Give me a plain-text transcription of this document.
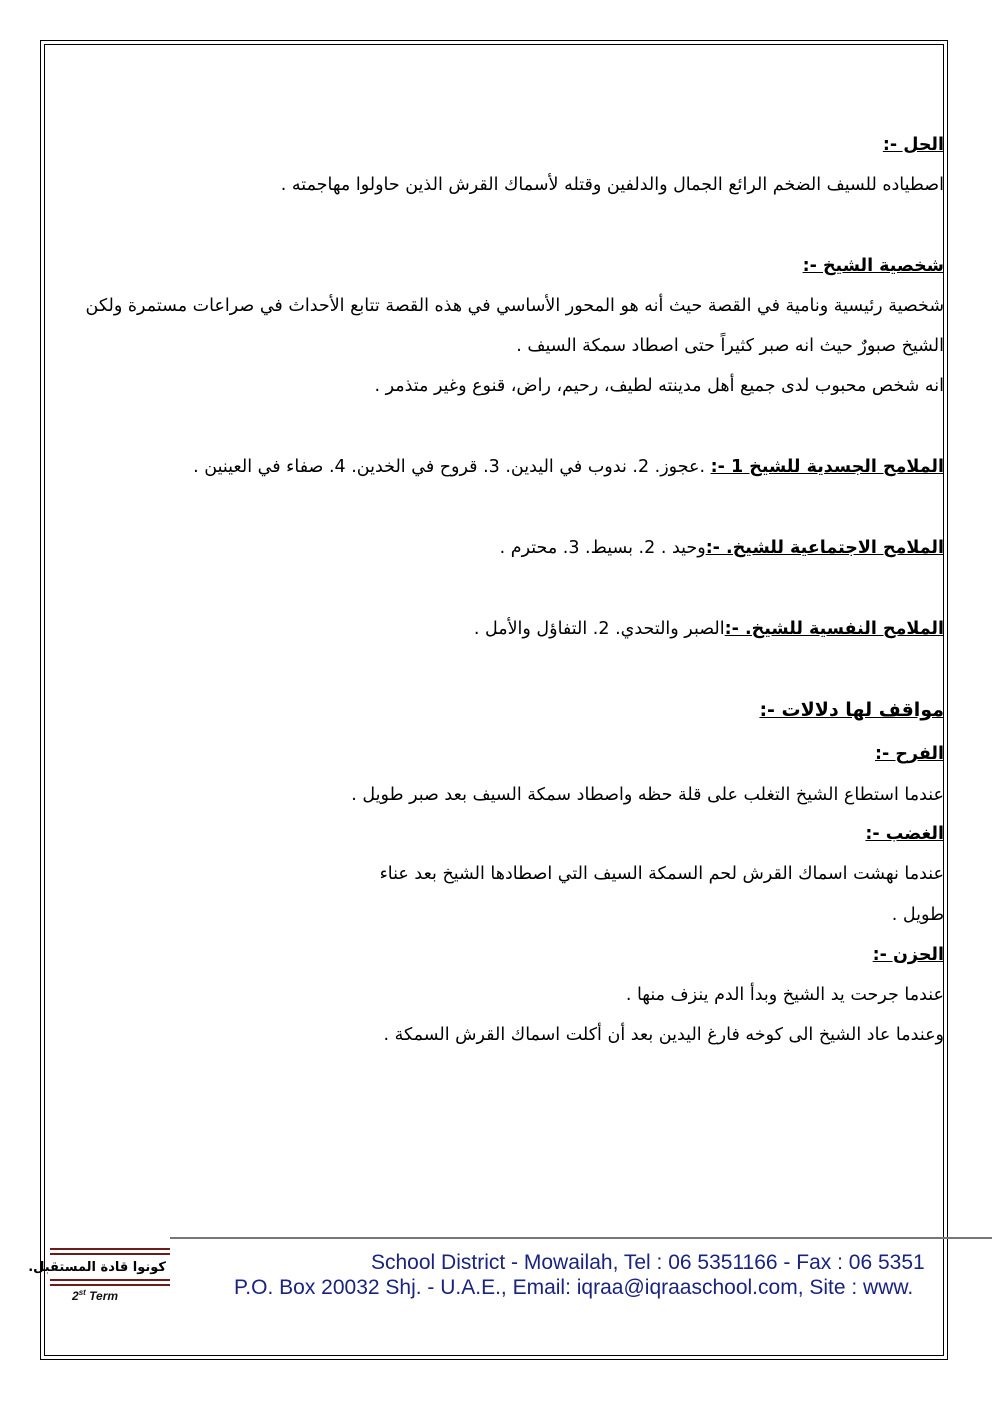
الحل -:
اصطياده للسيف الضخم الرائع الجمال والدلفين وقتله لأسماك القرش الذين حاولوا مهاجمته .
شخصية الشيخ -:
شخصية رئيسية ونامية في القصة حيث أنه هو المحور الأساسي في هذه القصة تتابع الأحداث في صراعات مستمرة ولكن
الشيخ صبورٌ حيث انه صبر كثيراً حتى اصطاد سمكة السيف .
انه شخص محبوب لدى جميع أهل مدينته لطيف، رحيم، راض، قنوع وغير متذمر .
الملامح الجسدية للشيخ 1 -: .عجوز. 2. ندوب في اليدين. 3. قروح في الخدين. 4. صفاء في العينين .
الملامح الاجتماعية للشيخ. -:وحيد . 2. بسيط. 3. محترم .
الملامح النفسية للشيخ. -:الصبر والتحدي. 2. التفاؤل والأمل .
مواقف لها دلالات -:
الفرح -:
عندما استطاع الشيخ التغلب على قلة حظه واصطاد سمكة السيف بعد صبر طويل .
الغضب -:
عندما نهشت اسماك القرش لحم السمكة السيف التي اصطادها الشيخ بعد عناء
طويل .
الحزن -:
عندما جرحت يد الشيخ وبدأ الدم ينزف منها .
وعندما عاد الشيخ الى كوخه فارغ اليدين بعد أن أكلت اسماك القرش السمكة .
كونوا قادة المستقبل.
2st Term
School District - Mowailah, Tel : 06 5351166 - Fax : 06 5351
P.O. Box 20032 Shj. - U.A.E., Email: iqraa@iqraaschool.com, Site : www.
